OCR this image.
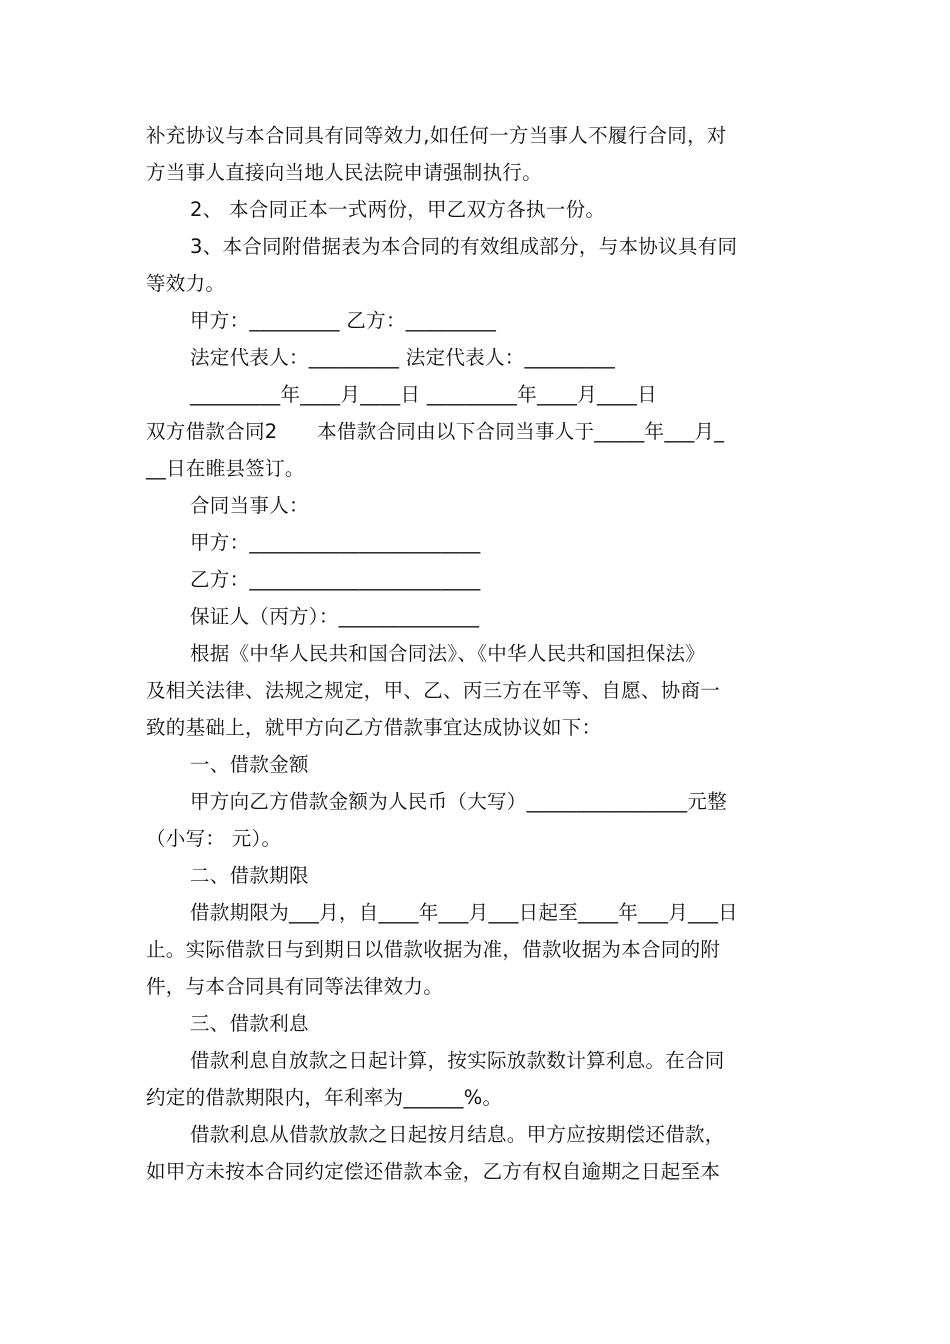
补充协议与本合同具有同等效力,如任何一方当事人不履行合同，对
方当事人直接向当地人民法院申请强制执行。
2、 本合同正本一式两份，甲乙双方各执一份。
3、本合同附借据表为本合同的有效组成部分，与本协议具有同
等效力。
甲方：_________ 乙方：_________
法定代表人：_________ 法定代表人：_________
_________年____月____日 _________年____月____日
双方借款合同2　　本借款合同由以下合同当事人于_____年___月_
__日在睢县签订。
合同当事人：
甲方：_______________________
乙方：_______________________
保证人（丙方）：______________
根据《中华人民共和国合同法》、《中华人民共和国担保法》
及相关法律、法规之规定，甲、乙、丙三方在平等、自愿、协商一
致的基础上，就甲方向乙方借款事宜达成协议如下：
一、借款金额
甲方向乙方借款金额为人民币（大写）________________元整
（小写： 元）。
二、借款期限
借款期限为___月，自____年___月___日起至____年___月___日
止。实际借款日与到期日以借款收据为准，借款收据为本合同的附
件，与本合同具有同等法律效力。
三、借款利息
借款利息自放款之日起计算，按实际放款数计算利息。在合同
约定的借款期限内，年利率为______%。
借款利息从借款放款之日起按月结息。甲方应按期偿还借款，
如甲方未按本合同约定偿还借款本金，乙方有权自逾期之日起至本
